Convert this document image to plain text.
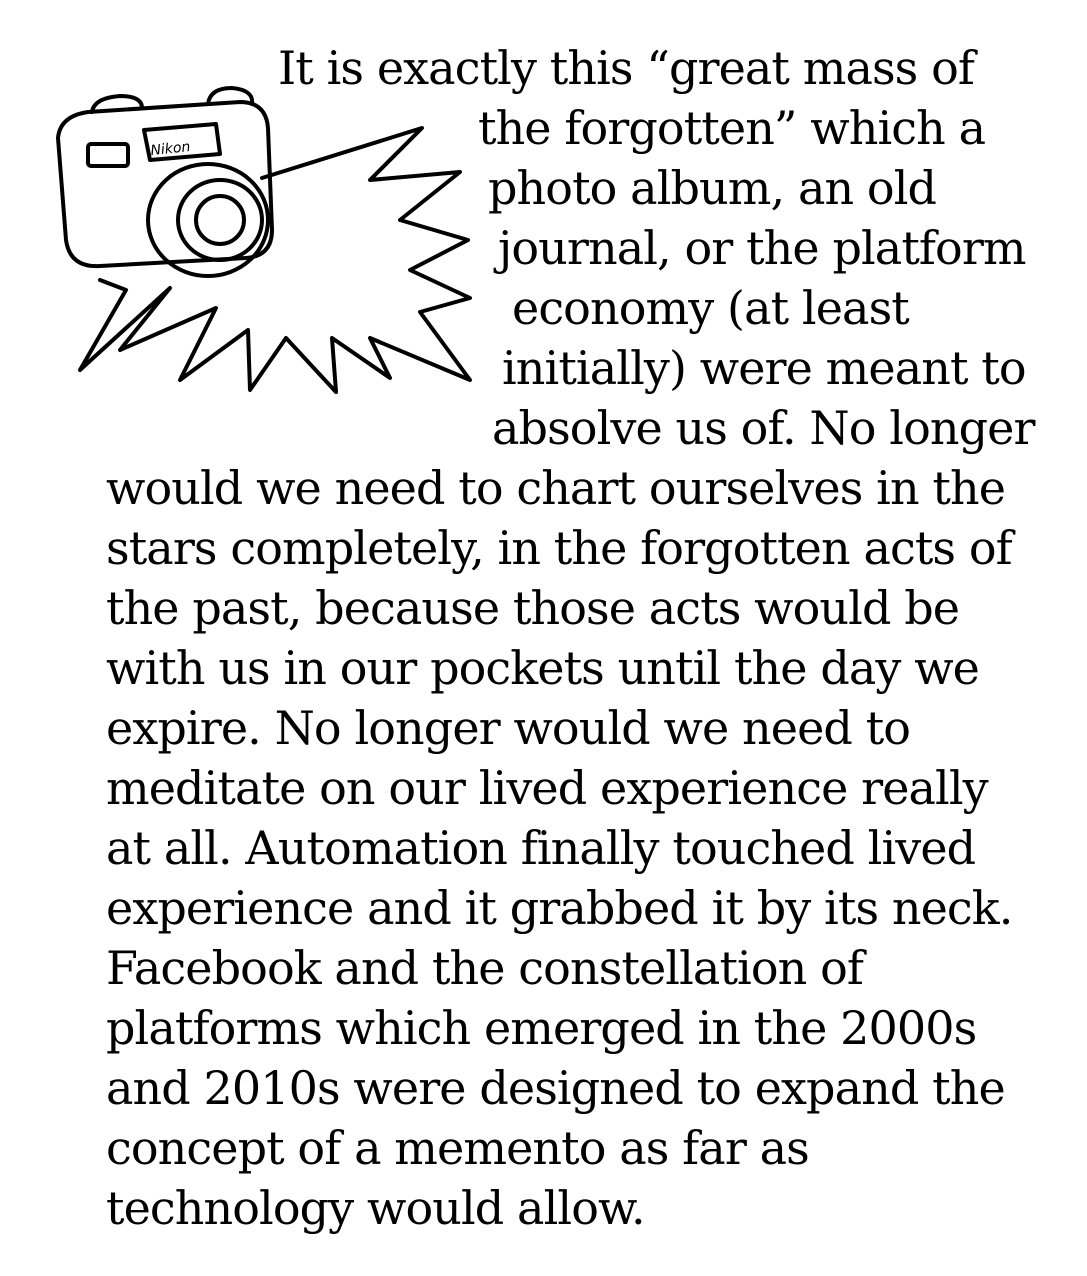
Nikon
It is exactly this “great mass of
the forgotten” which a
photo album, an old
journal, or the platform
economy (at least
initially) were meant to
absolve us of. No longer
would we need to chart ourselves in the
stars completely, in the forgotten acts of
the past, because those acts would be
with us in our pockets until the day we
expire. No longer would we need to
meditate on our lived experience really
at all. Automation finally touched lived
experience and it grabbed it by its neck.
Facebook and the constellation of
platforms which emerged in the 2000s
and 2010s were designed to expand the
concept of a memento as far as
technology would allow.
